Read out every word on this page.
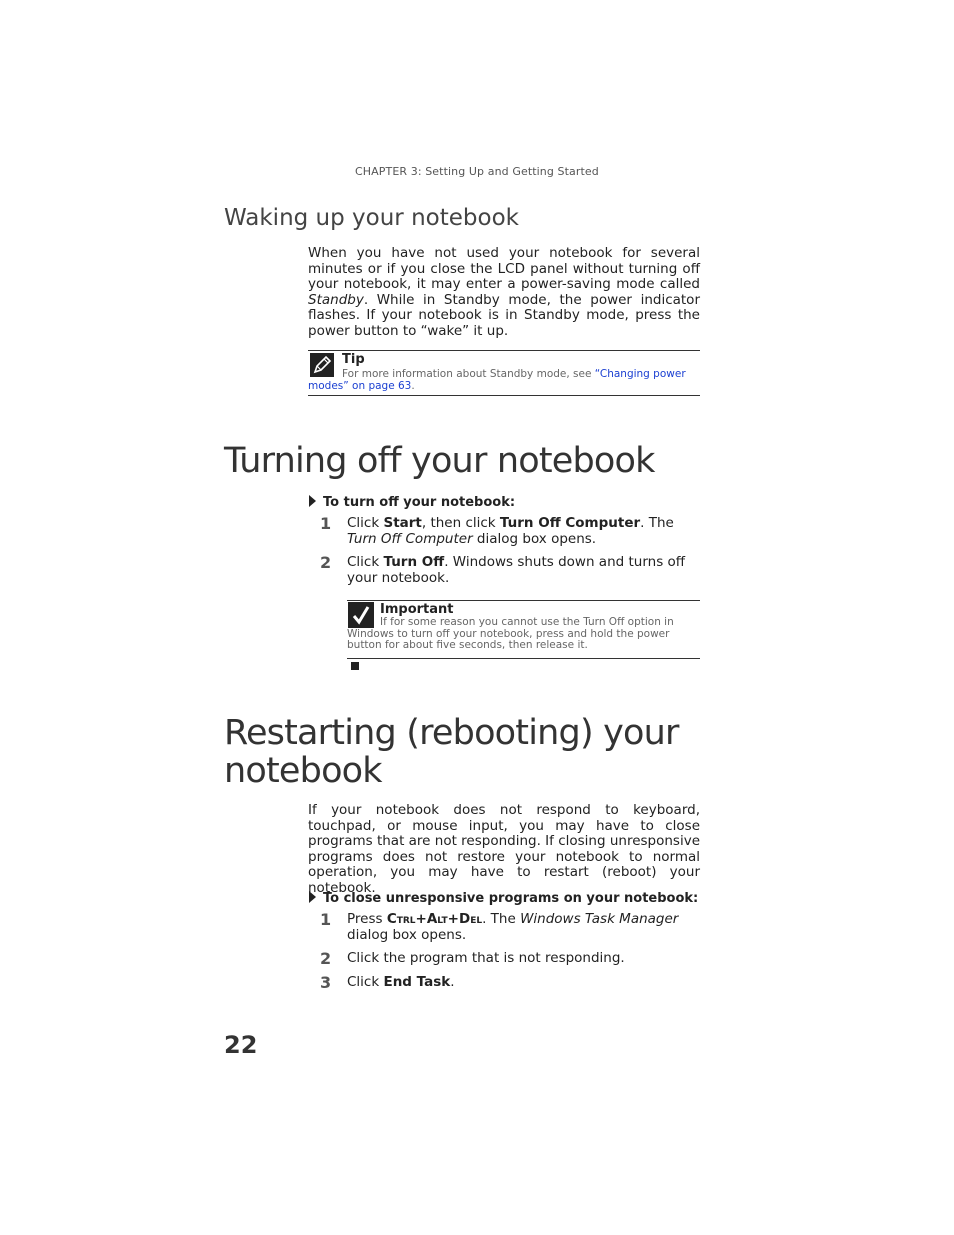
CHAPTER 3: Setting Up and Getting Started
Waking up your notebook
When you have not used your notebook for several minutes or if you close the LCD panel without turning off your notebook, it may enter a power-saving mode called Standby. While in Standby mode, the power indicator flashes. If your notebook is in Standby mode, press the power button to “wake” it up.
Tip
For more information about Standby mode, see “Changing power modes” on page 63.
Turning off your notebook
To turn off your notebook:
1 Click Start, then click Turn Off Computer. The Turn Off Computer dialog box opens.
2 Click Turn Off. Windows shuts down and turns off your notebook.
Important
If for some reason you cannot use the Turn Off option in Windows to turn off your notebook, press and hold the power button for about five seconds, then release it.
Restarting (rebooting) your notebook
If your notebook does not respond to keyboard, touchpad, or mouse input, you may have to close programs that are not responding. If closing unresponsive programs does not restore your notebook to normal operation, you may have to restart (reboot) your notebook.
To close unresponsive programs on your notebook:
1 Press Ctrl+Alt+Del. The Windows Task Manager dialog box opens.
2 Click the program that is not responding.
3 Click End Task.
22
